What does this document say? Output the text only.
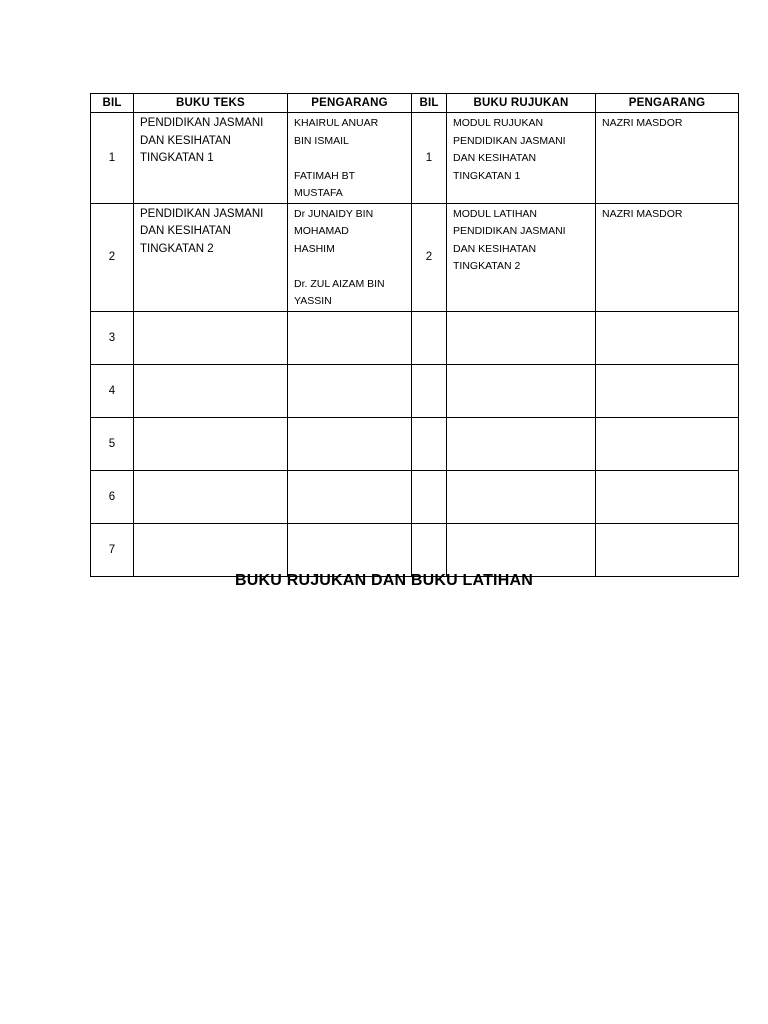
BIL	BUKU TEKS	PENGARANG	BIL	BUKU RUJUKAN	PENGARANG
1	PENDIDIKAN JASMANI
DAN KESIHATAN
TINGKATAN 1	KHAIRUL ANUAR
BIN ISMAIL

FATIMAH BT
MUSTAFA	1	MODUL RUJUKAN
PENDIDIKAN JASMANI
DAN KESIHATAN
TINGKATAN 1	NAZRI MASDOR

2	PENDIDIKAN JASMANI
DAN KESIHATAN
TINGKATAN 2	Dr JUNAIDY BIN
MOHAMAD
HASHIM

Dr. ZUL AIZAM BIN
YASSIN	2	MODUL LATIHAN
PENDIDIKAN JASMANI
DAN KESIHATAN
TINGKATAN 2	NAZRI MASDOR

3					
4					
5					
6					
7					
BUKU RUJUKAN DAN BUKU LATIHAN
